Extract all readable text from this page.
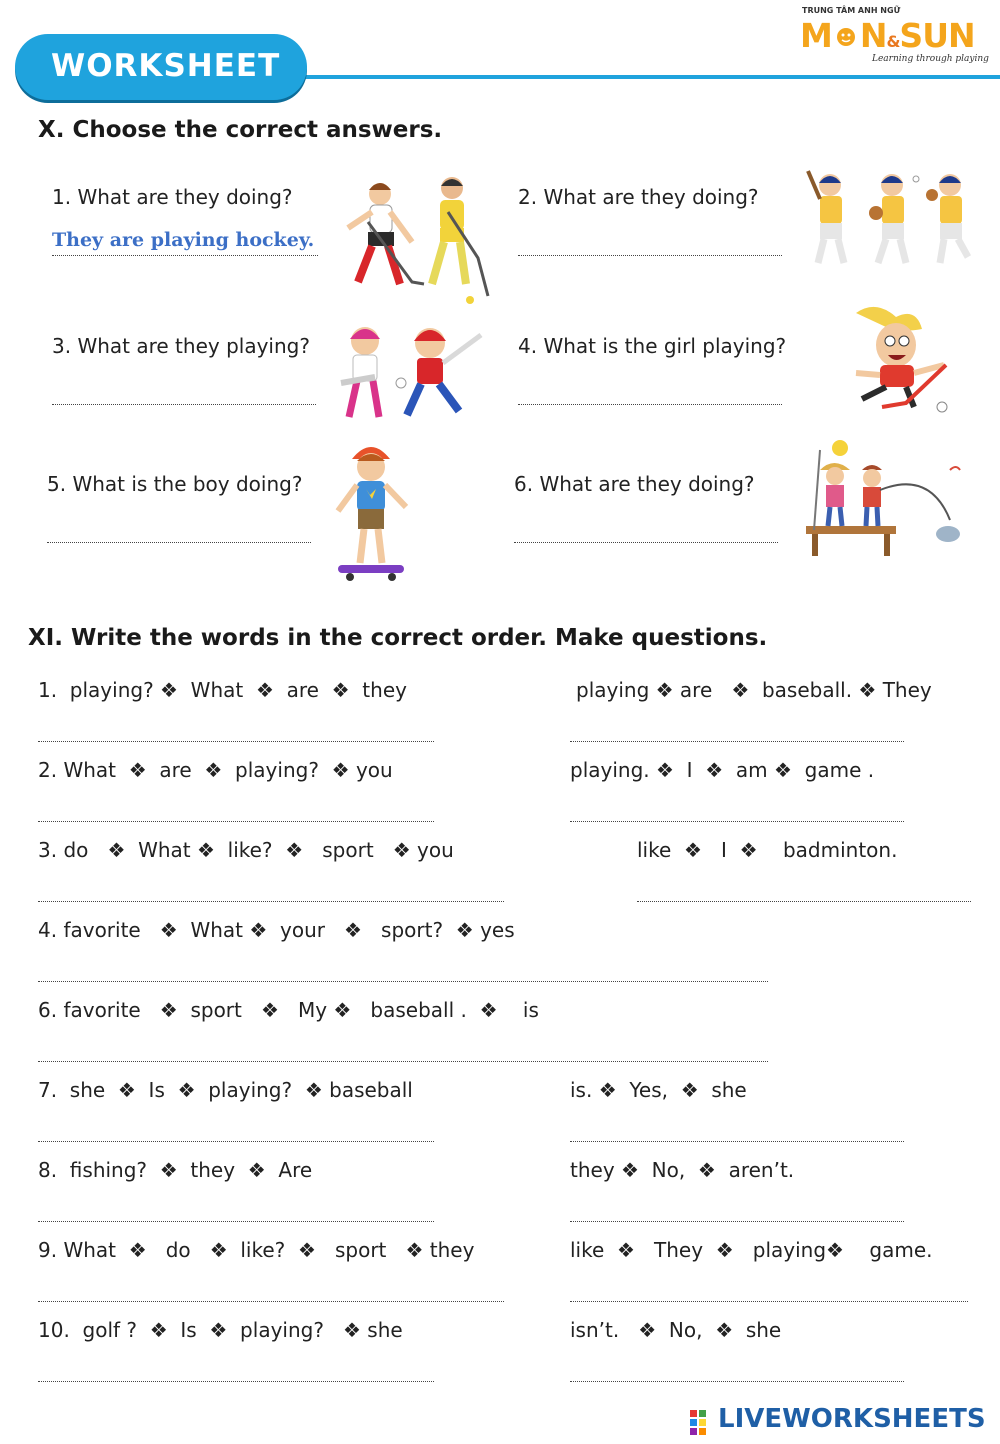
WORKSHEET
TRUNG TÂM ANH NGỮ
M N&SUN
Learning through playing
X. Choose the correct answers.
1. What are they doing?
They are playing hockey.
2. What are they doing?
3. What are they playing?	4. What is the girl playing?
5. What is the boy doing?	6. What are they doing?
XI. Write the words in the correct order. Make questions.
1.  playing? ❖  What  ❖  are  ❖  they	playing ❖ are   ❖  baseball. ❖ They
2. What  ❖  are  ❖  playing?  ❖ you	playing. ❖  I  ❖  am ❖  game .
3. do   ❖  What ❖  like?  ❖   sport   ❖ you	like  ❖   I  ❖    badminton.
4. favorite   ❖  What ❖  your   ❖   sport?  ❖ yes
6. favorite   ❖  sport   ❖   My ❖   baseball .  ❖    is
7.  she  ❖  Is  ❖  playing?  ❖ baseball	is. ❖  Yes,  ❖  she
8.  fishing?  ❖  they  ❖  Are	they ❖  No,  ❖  aren’t.
9. What  ❖   do   ❖  like?  ❖   sport   ❖ they	like  ❖   They  ❖   playing❖    game.
10.  golf ?  ❖  Is  ❖  playing?   ❖ she	isn’t.   ❖  No,  ❖  she
LIVEWORKSHEETS
